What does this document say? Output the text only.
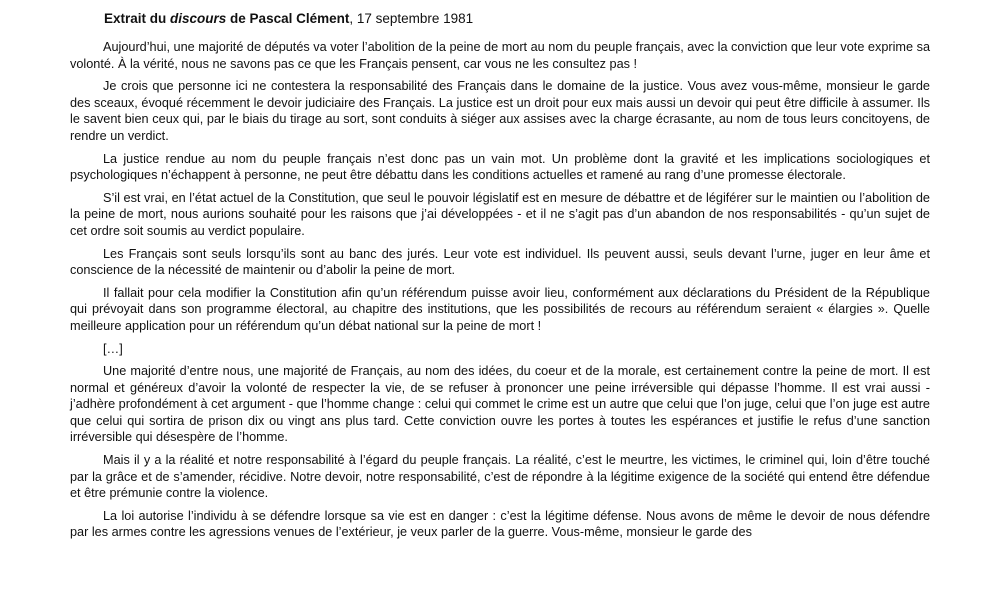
Extrait du discours de Pascal Clément, 17 septembre 1981

Aujourd’hui, une majorité de députés va voter l’abolition de la peine de mort au nom du peuple français, avec la conviction que leur vote exprime sa volonté. À la vérité, nous ne savons pas ce que les Français pensent, car vous ne les consultez pas !

Je crois que personne ici ne contestera la responsabilité des Français dans le domaine de la justice. Vous avez vous-même, monsieur le garde des sceaux, évoqué récemment le devoir judiciaire des Français. La justice est un droit pour eux mais aussi un devoir qui peut être difficile à assumer. Ils le savent bien ceux qui, par le biais du tirage au sort, sont conduits à siéger aux assises avec la charge écrasante, au nom de tous leurs concitoyens, de rendre un verdict.

La justice rendue au nom du peuple français n’est donc pas un vain mot. Un problème dont la gravité et les implications sociologiques et psychologiques n’échappent à personne, ne peut être débattu dans les conditions actuelles et ramené au rang d’une promesse électorale.

S’il est vrai, en l’état actuel de la Constitution, que seul le pouvoir législatif est en mesure de débattre et de légiférer sur le maintien ou l’abolition de la peine de mort, nous aurions souhaité pour les raisons que j’ai développées - et il ne s’agit pas d’un abandon de nos responsabilités - qu’un sujet de cet ordre soit soumis au verdict populaire.

Les Français sont seuls lorsqu’ils sont au banc des jurés. Leur vote est individuel. Ils peuvent aussi, seuls devant l’urne, juger en leur âme et conscience de la nécessité de maintenir ou d’abolir la peine de mort.

Il fallait pour cela modifier la Constitution afin qu’un référendum puisse avoir lieu, conformément aux déclarations du Président de la République qui prévoyait dans son programme électoral, au chapitre des institutions, que les possibilités de recours au référendum seraient « élargies ». Quelle meilleure application pour un référendum qu’un débat national sur la peine de mort !

[…]

Une majorité d’entre nous, une majorité de Français, au nom des idées, du coeur et de la morale, est certainement contre la peine de mort. Il est normal et généreux d’avoir la volonté de respecter la vie, de se refuser à prononcer une peine irréversible qui dépasse l’homme. Il est vrai aussi - j’adhère profondément à cet argument - que l’homme change : celui qui commet le crime est un autre que celui que l’on juge, celui que l’on juge est autre que celui qui sortira de prison dix ou vingt ans plus tard. Cette conviction ouvre les portes à toutes les espérances et justifie le refus d’une sanction irréversible qui désespère de l’homme.

Mais il y a la réalité et notre responsabilité à l’égard du peuple français. La réalité, c’est le meurtre, les victimes, le criminel qui, loin d’être touché par la grâce et de s’amender, récidive. Notre devoir, notre responsabilité, c’est de répondre à la légitime exigence de la société qui entend être défendue et être prémunie contre la violence.

La loi autorise l’individu à se défendre lorsque sa vie est en danger : c’est la légitime défense. Nous avons de même le devoir de nous défendre par les armes contre les agressions venues de l’extérieur, je veux parler de la guerre. Vous-même, monsieur le garde des
